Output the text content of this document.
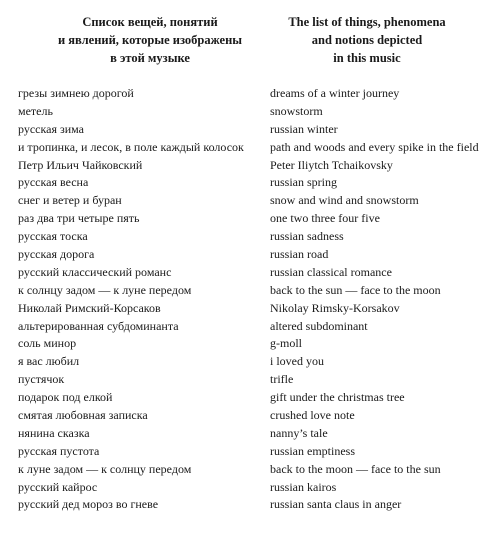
Список вещей, понятий
и явлений, которые изображены
в этой музыке
The list of things, phenomena
and notions depicted
in this music
грезы зимнею дорогой
метель
русская зима
и тропинка, и лесок, в поле каждый колосок
Петр Ильич Чайковский
русская весна
снег и ветер и буран
раз два три четыре пять
русская тоска
русская дорога
русский классический романс
к солнцу задом — к луне передом
Николай Римский-Корсаков
альтерированная субдоминанта
соль минор
я вас любил
пустячок
подарок под елкой
смятая любовная записка
нянина сказка
русская пустота
к луне задом — к солнцу передом
русский кайрос
русский дед мороз во гневе
dreams of a winter journey
snowstorm
russian winter
path and woods and every spike in the field
Peter Iliytch Tchaikovsky
russian spring
snow and wind and snowstorm
one two three four five
russian sadness
russian road
russian classical romance
back to the sun — face to the moon
Nikolay Rimsky-Korsakov
altered subdominant
g-moll
i loved you
trifle
gift under the christmas tree
crushed love note
nanny’s tale
russian emptiness
back to the moon — face to the sun
russian kairos
russian santa claus in anger
